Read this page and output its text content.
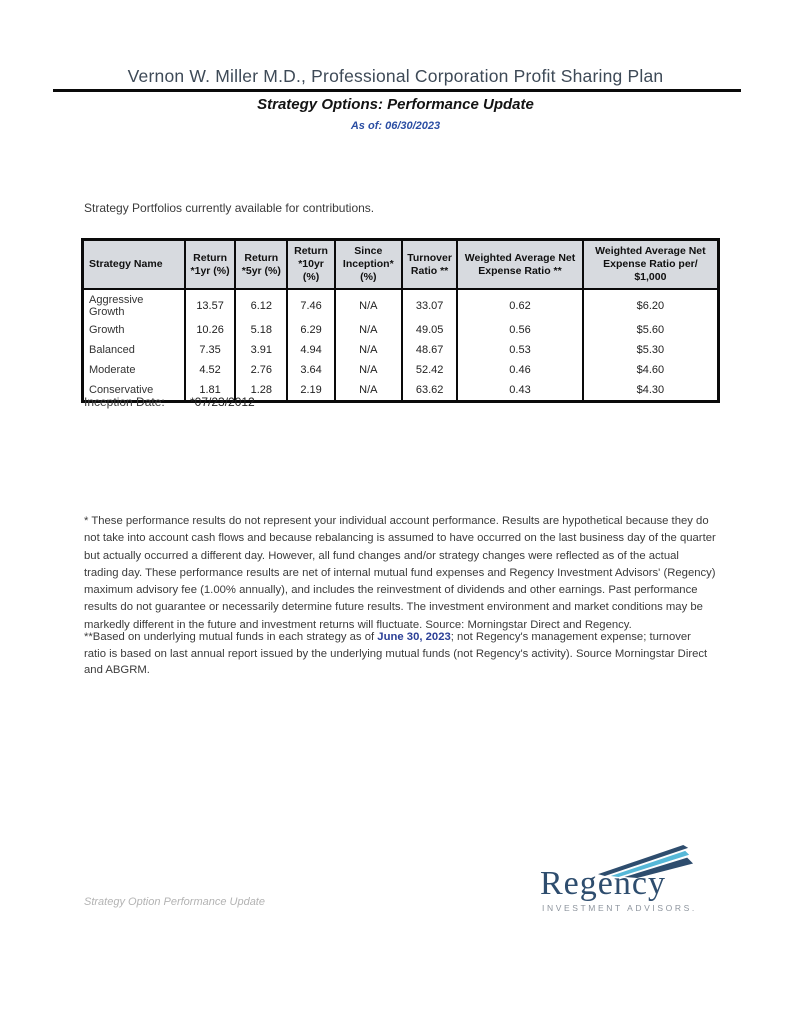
Vernon W. Miller M.D., Professional Corporation Profit Sharing Plan
Strategy Options: Performance Update
As of: 06/30/2023
Strategy Portfolios currently available for contributions.
Strategy Name	Return *1yr (%)	Return *5yr (%)	Return *10yr (%)	Since Inception* (%)	Turnover Ratio **	Weighted Average Net Expense Ratio **	Weighted Average Net Expense Ratio per/ $1,000
Aggressive Growth	13.57	6.12	7.46	N/A	33.07	0.62	$6.20
Growth	10.26	5.18	6.29	N/A	49.05	0.56	$5.60
Balanced	7.35	3.91	4.94	N/A	48.67	0.53	$5.30
Moderate	4.52	2.76	3.64	N/A	52.42	0.46	$4.60
Conservative	1.81	1.28	2.19	N/A	63.62	0.43	$4.30
Inception Date: *07/23/2012
* These performance results do not represent your individual account performance. Results are hypothetical because they do not take into account cash flows and because rebalancing is assumed to have occurred on the last business day of the quarter but actually occurred a different day. However, all fund changes and/or strategy changes were reflected as of the actual trading day. These performance results are net of internal mutual fund expenses and Regency Investment Advisors' (Regency) maximum advisory fee (1.00% annually), and includes the reinvestment of dividends and other earnings. Past performance results do not guarantee or necessarily determine future results. The investment environment and market conditions may be markedly different in the future and investment returns will fluctuate. Source: Morningstar Direct and Regency.
**Based on underlying mutual funds in each strategy as of June 30, 2023; not Regency's management expense; turnover ratio is based on last annual report issued by the underlying mutual funds (not Regency's activity). Source Morningstar Direct and ABGRM.
Regency
INVESTMENT ADVISORS.
Strategy Option Performance Update
